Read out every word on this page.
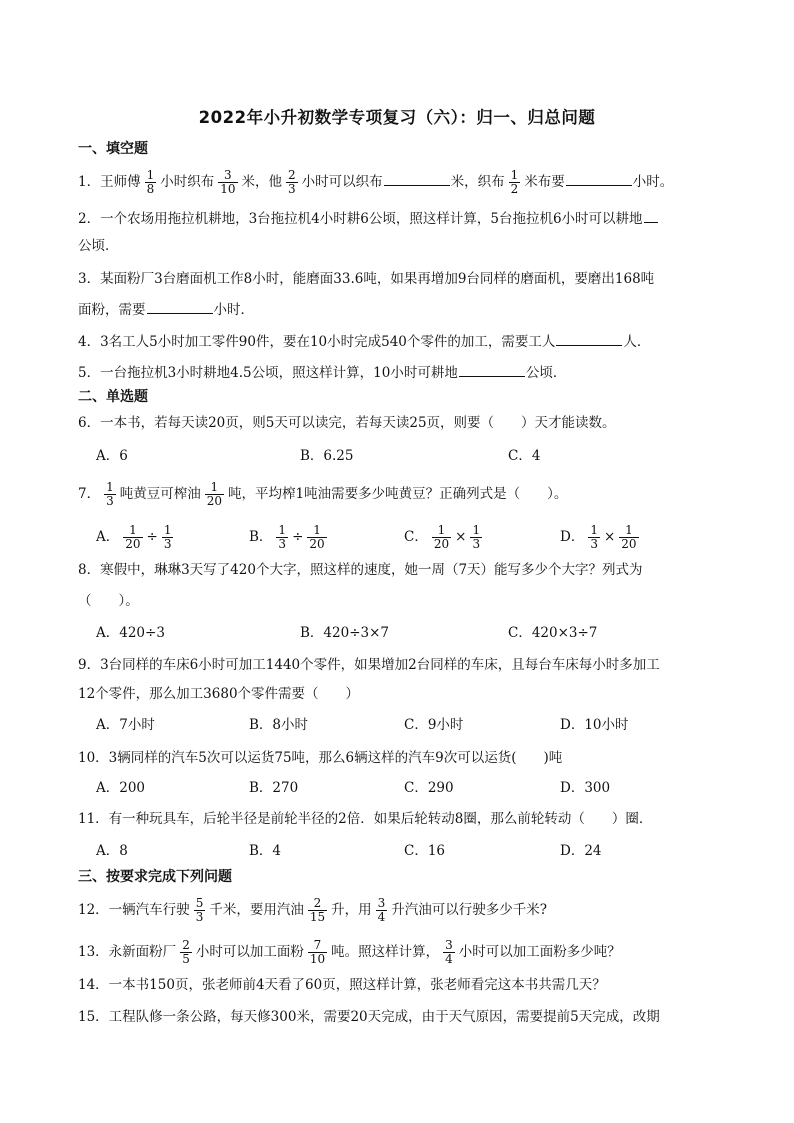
2022年小升初数学专项复习（六）：归一、归总问题
一、填空题
1．王师傅 $\frac{1}{8}$ 小时织布 $\frac{3}{10}$ 米，他 $\frac{2}{3}$ 小时可以织布	米，织布 $\frac{1}{2}$ 米布要	小时。
2．一个农场用拖拉机耕地，3台拖拉机4小时耕6公顷，照这样计算，5台拖拉机6小时可以耕地
公顷．
3．某面粉厂3台磨面机工作8小时，能磨面33.6吨，如果再增加9台同样的磨面机，要磨出168吨
面粉，需要	小时．
4．3名工人5小时加工零件90件，要在10小时完成540个零件的加工，需要工人	人．
5．一台拖拉机3小时耕地4.5公顷，照这样计算，10小时可耕地	公顷．
二、单选题
6．一本书，若每天读20页，则5天可以读完，若每天读25页，则要（　　）天才能读数。
A．6	B．6.25	C．4
7． $\frac{1}{3}$ 吨黄豆可榨油 $\frac{1}{20}$ 吨，平均榨1吨油需要多少吨黄豆？正确列式是（　　）。
A． $\frac{1}{20} \div \frac{1}{3}$	B． $\frac{1}{3} \div \frac{1}{20}$	C． $\frac{1}{20} \times \frac{1}{3}$	D． $\frac{1}{3} \times \frac{1}{20}$
8．寒假中，琳琳3天写了420个大字，照这样的速度，她一周（7天）能写多少个大字？列式为
（　　）。
A．420÷3	B．420÷3×7	C．420×3÷7
9．3台同样的车床6小时可加工1440个零件，如果增加2台同样的车床，且每台车床每小时多加工
12个零件，那么加工3680个零件需要（　　）
A．7小时	B．8小时	C．9小时	D．10小时
10．3辆同样的汽车5次可以运货75吨，那么6辆这样的汽车9次可以运货(　　)吨
A．200	B．270	C．290	D．300
11．有一种玩具车，后轮半径是前轮半径的2倍．如果后轮转动8圈，那么前轮转动（　　）圈．
A．8	B．4	C．16	D．24
三、按要求完成下列问题
12．一辆汽车行驶 $\frac{5}{3}$ 千米，要用汽油 $\frac{2}{15}$ 升，用 $\frac{3}{4}$ 升汽油可以行驶多少千米?
13．永新面粉厂 $\frac{2}{5}$ 小时可以加工面粉 $\frac{7}{10}$ 吨。照这样计算， $\frac{3}{4}$ 小时可以加工面粉多少吨？
14．一本书150页，张老师前4天看了60页，照这样计算，张老师看完这本书共需几天？
15．工程队修一条公路，每天修300米，需要20天完成，由于天气原因，需要提前5天完成，改期
